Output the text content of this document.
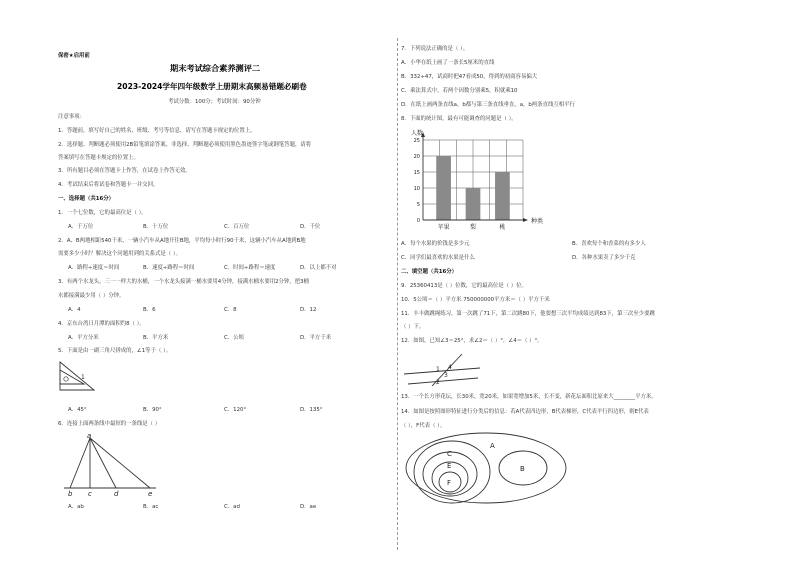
保密★启用前
期末考试综合素养测评二
2023-2024学年四年级数学上册期末高频易错题必刷卷
考试分数：100分；考试时间：90分钟
注意事项：
1．答题前，填写好自己的姓名、班级、考号等信息，请写在答题卡规定的位置上。
2．选择题、判断题必须使用2B铅笔填涂答案，非选择、判断题必须使用黑色墨迹签字笔或钢笔答题，请将
答案填写在答题卡规定的位置上。
3．所有题目必须在答题卡上作答，在试卷上作答无效。
4．考试结束后将试卷和答题卡一并交回。
一、选择题（共16分）
1．一个七位数，它的最高位是（ ）。
A．千万位	B．十万位	C．百万位	D．千位
2．A、B两地相距540千米，一辆小汽车从A地开往B地，平均每小时行90千米，这辆小汽车从A地到B地
需要多少小时？解决这个问题用到的关系式是（ ）。
A．路程÷速度＝时间	B．速度÷路程＝时间	C．时间÷路程＝速度	D．以上都不对
3．有两个水龙头，三一一样大的水桶，一个水龙头接满一桶水要用4分钟，接满水桶水要用2分钟，把3桶
水都接满最少用（ ）分钟。
A．4	B．6	C．8	D．12
4．京东台湾日月潭的面积约8（ ）。
A．平方分米	B．平方米	C．公顷	D．平方千米
5．下面是由一副三角尺拼成的，∠1等于（ ）。
1
A．45°	B．90°	C．120°	D．135°
6．连接上面两条线中最短的一条线是（ ）
a
b c	d	e
A．ab	B．ac	C．ad	D．ae
7．下列说法正确的是（ ）。
A．小华在纸上画了一条长5厘米的直线
B．332÷47，试商时把47看成50，得到的初商容易偏大
C．乘法算式中，若两个因数分别乘5，积就乘10
D．在纸上画两条直线a，b都与第三条直线垂直，a，b两条直线互相平行
8．下面的统计图，最有可能调查的问题是（ ）。
0
5
10
15
20
25
苹果	梨	桃
人数
种类
A．每个水果的价钱是多少元	B．喜欢每个和香菜的有多少人
C．同学们最喜欢的水果是什么	D．各种水果卖了多少千克
二、填空题（共16分）
9．25360413是（ ）位数，它的最高位是（ ）位。
10．5公顷＝（ ）平方米 750000000平方米＝（ ）平方千米
11．丰丰做跳绳练习，第一次跳了71下，第二次跳80下，他要想三次平均成绩达到83下，第三次至少要跳
（ ）下。
12．如图，已知∠3＝25°，求∠2＝（ ）°，∠4＝（ ）°。
1
2
3
4
13．一个长方形花坛，长30米，宽20米，如果宽增加5米，长不变，新花坛面积比原来大________平方米。
14．如图是按照图形特征进行分类后的信息：若A代表四边形，B代表梯形，C代表平行四边形，则E代表
（ ），F代表（ ）。
A
B
C
E
F
